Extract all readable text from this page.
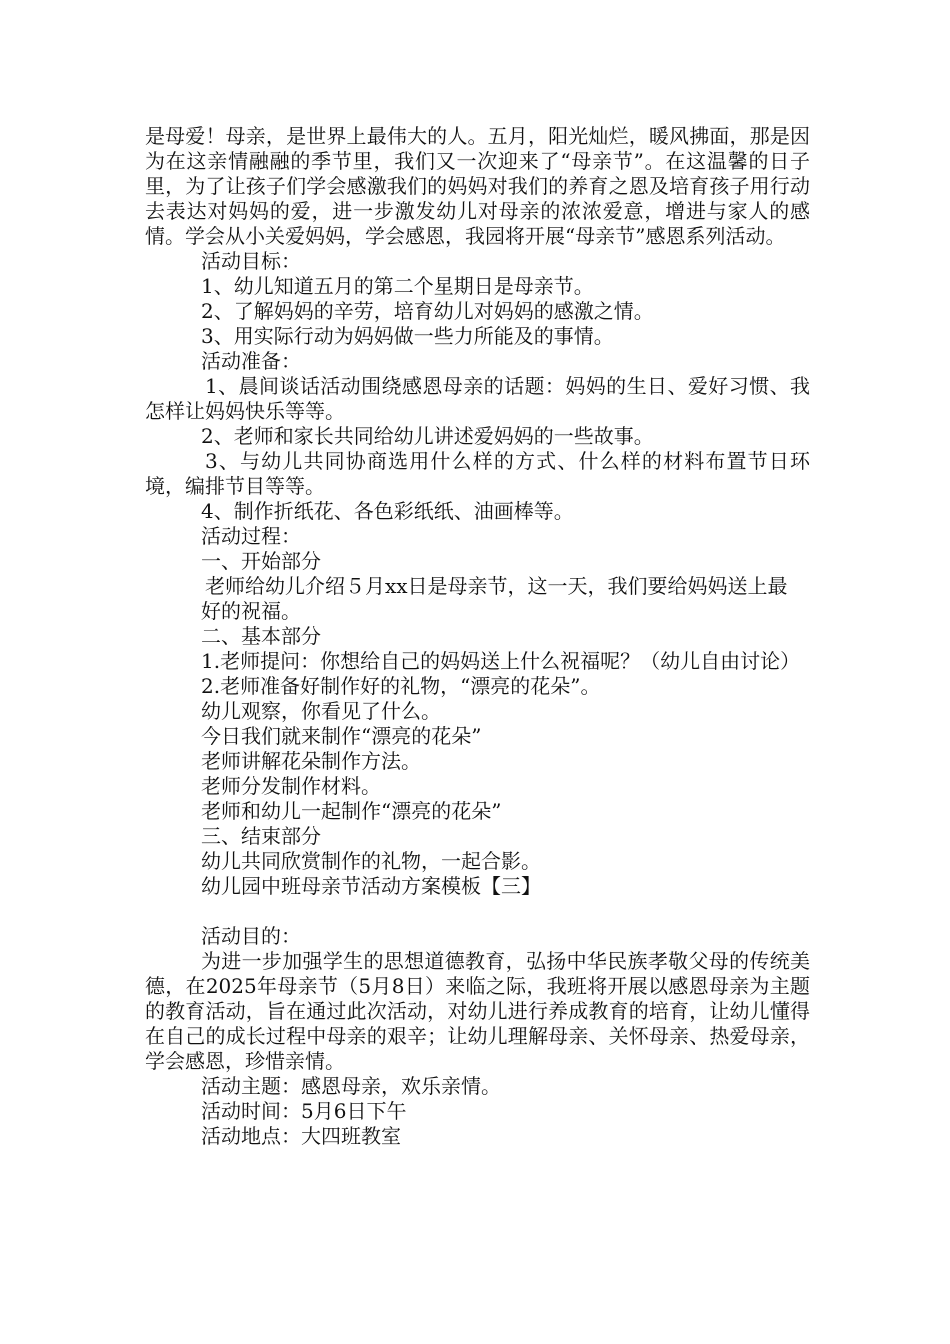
是母爱！母亲，是世界上最伟大的人。五月，阳光灿烂，暖风拂面，那是因为在这亲情融融的季节里，我们又一次迎来了“母亲节”。在这温馨的日子里，为了让孩子们学会感激我们的妈妈对我们的养育之恩及培育孩子用行动去表达对妈妈的爱，进一步激发幼儿对母亲的浓浓爱意，增进与家人的感情。学会从小关爱妈妈，学会感恩，我园将开展“母亲节”感恩系列活动。

活动目标：

1、幼儿知道五月的第二个星期日是母亲节。

2、了解妈妈的辛劳，培育幼儿对妈妈的感激之情。

3、用实际行动为妈妈做一些力所能及的事情。

活动准备：

1、晨间谈话活动围绕感恩母亲的话题：妈妈的生日、爱好习惯、我怎样让妈妈快乐等等。

2、老师和家长共同给幼儿讲述爱妈妈的一些故事。

3、与幼儿共同协商选用什么样的方式、什么样的材料布置节日环境，编排节目等等。

4、制作折纸花、各色彩纸纸、油画棒等。

活动过程：

一、开始部分

老师给幼儿介绍５月xx日是母亲节，这一天，我们要给妈妈送上最

好的祝福。

二、基本部分

1.老师提问：你想给自己的妈妈送上什么祝福呢？（幼儿自由讨论）

2.老师准备好制作好的礼物，“漂亮的花朵”。

幼儿观察，你看见了什么。

今日我们就来制作“漂亮的花朵”

老师讲解花朵制作方法。

老师分发制作材料。

老师和幼儿一起制作“漂亮的花朵”

三、结束部分

幼儿共同欣赏制作的礼物，一起合影。

幼儿园中班母亲节活动方案模板【三】

活动目的：

为进一步加强学生的思想道德教育，弘扬中华民族孝敬父母的传统美德，在2025年母亲节（5月8日）来临之际，我班将开展以感恩母亲为主题的教育活动，旨在通过此次活动，对幼儿进行养成教育的培育，让幼儿懂得在自己的成长过程中母亲的艰辛；让幼儿理解母亲、关怀母亲、热爱母亲，学会感恩，珍惜亲情。

活动主题：感恩母亲，欢乐亲情。

活动时间：5月6日下午

活动地点：大四班教室
